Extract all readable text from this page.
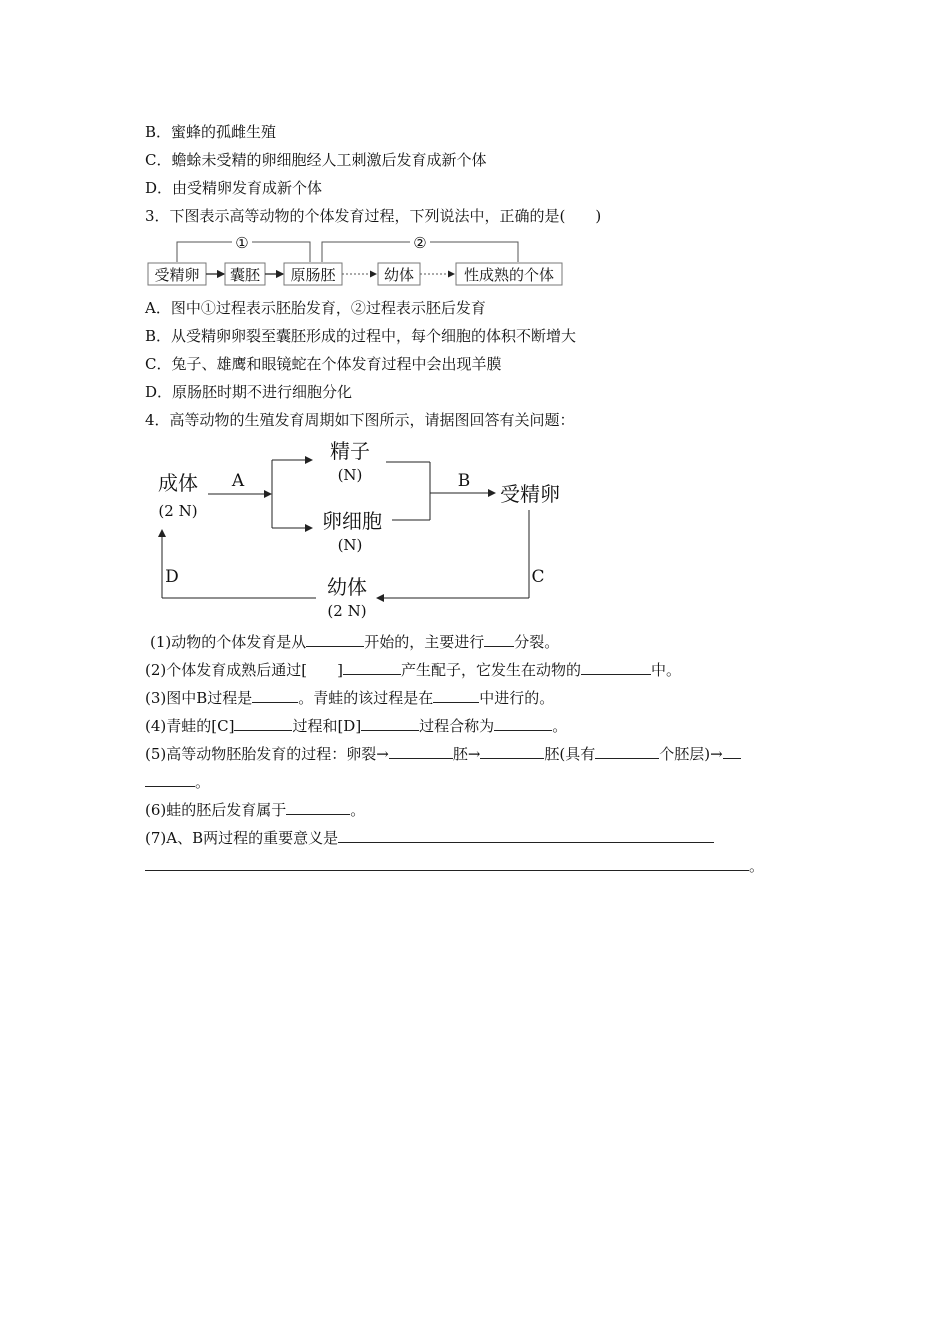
B．蜜蜂的孤雌生殖
C．蟾蜍未受精的卵细胞经人工刺激后发育成新个体
D．由受精卵发育成新个体
3．下图表示高等动物的个体发育过程，下列说法中，正确的是(　　)
①	②
受精卵 囊胚 原肠胚	幼体	性成熟的个体
A．图中①过程表示胚胎发育，②过程表示胚后发育
B．从受精卵卵裂至囊胚形成的过程中，每个细胞的体积不断增大
C．兔子、雄鹰和眼镜蛇在个体发育过程中会出现羊膜
D．原肠胚时期不进行细胞分化
4．高等动物的生殖发育周期如下图所示，请据图回答有关问题：
成体
(2 N)
A
精子
(N)
卵细胞
(N)
B
受精卵
C
幼体
(2 N)
D
(1)动物的个体发育是从	开始的，主要进行 分裂。
(2)个体发育成熟后通过[ ]	产生配子，它发生在动物的	中。
(3)图中B过程是	。青蛙的该过程是在	中进行的。
(4)青蛙的[C]	过程和[D]	过程合称为	。
(5)高等动物胚胎发育的过程：卵裂→	胚→	胚(具有	个胚层)→
。
(6)蛙的胚后发育属于	。
(7)A、B两过程的重要意义是
。
